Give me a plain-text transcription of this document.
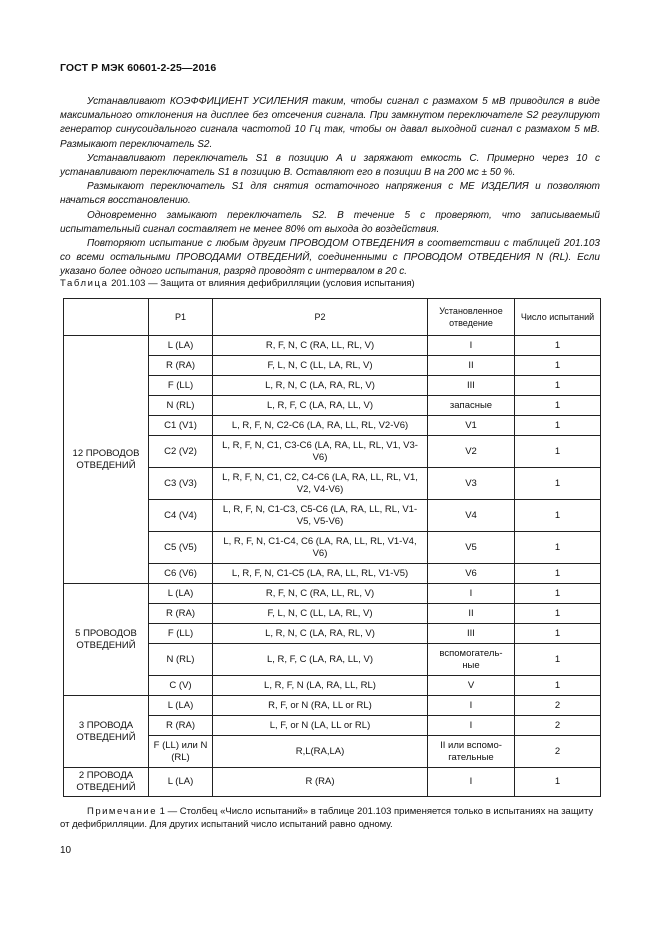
ГОСТ Р МЭК 60601-2-25—2016

Устанавливают КОЭФФИЦИЕНТ УСИЛЕНИЯ таким, чтобы сигнал с размахом 5 мВ приводился в виде максимального отклонения на дисплее без отсечения сигнала. При замкнутом переключателе S2 регулируют генератор синусоидального сигнала частотой 10 Гц так, чтобы он давал выходной сигнал с размахом 5 мВ. Размыкают переключатель S2.

Устанавливают переключатель S1 в позицию А и заряжают емкость С. Примерно через 10 с устанавливают переключатель S1 в позицию В. Оставляют его в позиции В на 200 мс ± 50 %.

Размыкают переключатель S1 для снятия остаточного напряжения с МЕ ИЗДЕЛИЯ и позволяют начаться восстановлению.

Одновременно замыкают переключатель S2. В течение 5 с проверяют, что записываемый испытательный сигнал составляет не менее 80% от выхода до воздействия.

Повторяют испытание с любым другим ПРОВОДОМ ОТВЕДЕНИЯ в соответствии с таблицей 201.103 со всеми остальными ПРОВОДАМИ ОТВЕДЕНИЙ, соединенными с ПРОВОДОМ ОТВЕДЕНИЯ N (RL). Если указано более одного испытания, разряд проводят с интервалом в 20 с.

Таблица 201.103 — Защита от влияния дефибрилляции (условия испытания)
	P1	P2	Установленное отведение	Число испытаний
12 ПРОВОДОВ ОТВЕДЕНИЙ	L (LA)	R, F, N, C (RA, LL, RL, V)	I	1
	R (RA)	F, L, N, C (LL, LA, RL, V)	II	1
	F (LL)	L, R, N, C (LA, RA, RL, V)	III	1
	N (RL)	L, R, F, C (LA, RA, LL, V)	запасные	1
	C1 (V1)	L, R, F, N, C2-C6 (LA, RA, LL, RL, V2-V6)	V1	1
	C2 (V2)	L, R, F, N, C1, C3-C6 (LA, RA, LL, RL, V1, V3-V6)	V2	1
	C3 (V3)	L, R, F, N, C1, C2, C4-C6 (LA, RA, LL, RL, V1, V2, V4-V6)	V3	1
	C4 (V4)	L, R, F, N, C1-C3, C5-C6 (LA, RA, LL, RL, V1-V5, V5-V6)	V4	1
	C5 (V5)	L, R, F, N, C1-C4, C6 (LA, RA, LL, RL, V1-V4, V6)	V5	1
	C6 (V6)	L, R, F, N, C1-C5 (LA, RA, LL, RL, V1-V5)	V6	1
5 ПРОВОДОВ ОТВЕДЕНИЙ	L (LA)	R, F, N, C (RA, LL, RL, V)	I	1
	R (RA)	F, L, N, C (LL, LA, RL, V)	II	1
	F (LL)	L, R, N, C (LA, RA, RL, V)	III	1
	N (RL)	L, R, F, C (LA, RA, LL, V)	вспомогатель-ные	1
	C (V)	L, R, F, N (LA, RA, LL, RL)	V	1
3 ПРОВОДА ОТВЕДЕНИЙ	L (LA)	R, F, or N (RA, LL or RL)	I	2
	R (RA)	L, F, or N (LA, LL or RL)	I	2
	F (LL) или N (RL)	R,L(RA,LA)	II или вспомо-гательные	2
2 ПРОВОДА ОТВЕДЕНИЙ	L (LA)	R (RA)	I	1
Примечание 1 — Столбец «Число испытаний» в таблице 201.103 применяется только в испытаниях на защиту от дефибрилляции. Для других испытаний число испытаний равно одному.
10
